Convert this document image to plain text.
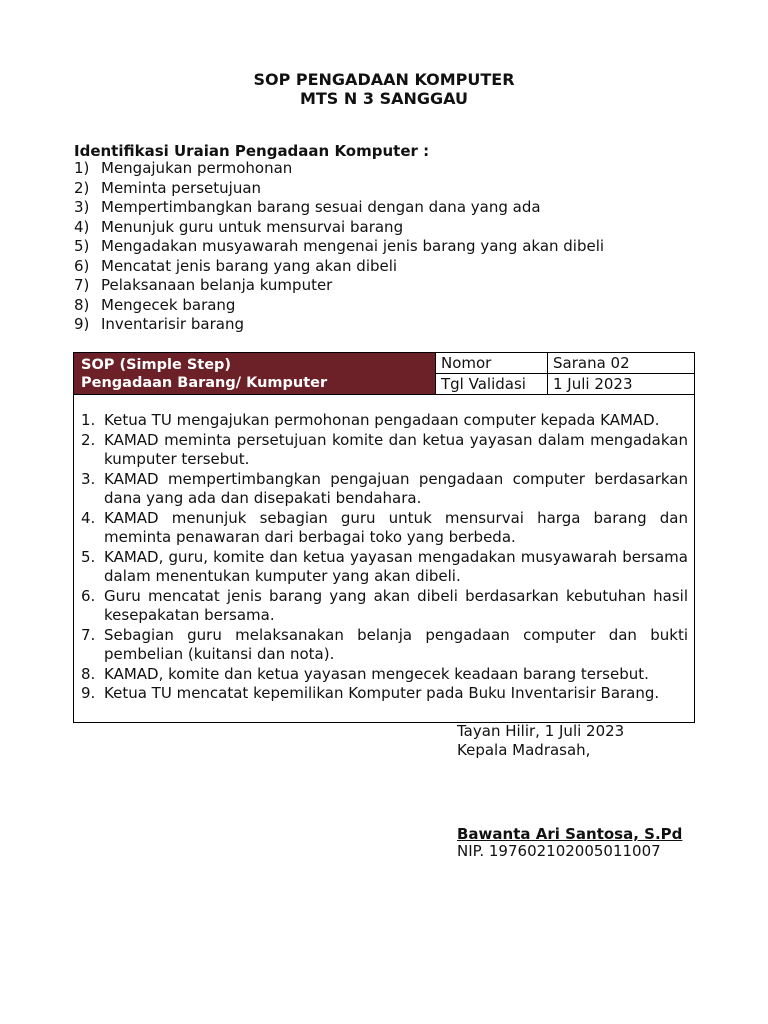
SOP PENGADAAN KOMPUTER
MTS N 3 SANGGAU
Identifikasi Uraian Pengadaan Komputer :
1) Mengajukan permohonan
2) Meminta persetujuan
3) Mempertimbangkan barang sesuai dengan dana yang ada
4) Menunjuk guru untuk mensurvai barang
5) Mengadakan musyawarah mengenai jenis barang yang akan dibeli
6) Mencatat jenis barang yang akan dibeli
7) Pelaksanaan belanja kumputer
8) Mengecek barang
9) Inventarisir barang
SOP (Simple Step)
Pengadaan Barang/ Kumputer
Nomor	Sarana 02
Tgl Validasi	1 Juli 2023
1. Ketua TU mengajukan permohonan pengadaan computer kepada KAMAD.
2. KAMAD meminta persetujuan komite dan ketua yayasan dalam mengadakan kumputer tersebut.
3. KAMAD mempertimbangkan pengajuan pengadaan computer berdasarkan dana yang ada dan disepakati bendahara.
4. KAMAD menunjuk sebagian guru untuk mensurvai harga barang dan meminta penawaran dari berbagai toko yang berbeda.
5. KAMAD, guru, komite dan ketua yayasan mengadakan musyawarah bersama dalam menentukan kumputer yang akan dibeli.
6. Guru mencatat jenis barang yang akan dibeli berdasarkan kebutuhan hasil kesepakatan bersama.
7. Sebagian guru melaksanakan belanja pengadaan computer dan bukti pembelian (kuitansi dan nota).
8. KAMAD, komite dan ketua yayasan mengecek keadaan barang tersebut.
9. Ketua TU mencatat kepemilikan Komputer pada Buku Inventarisir Barang.
Tayan Hilir, 1 Juli 2023
Kepala Madrasah,
Bawanta Ari Santosa, S.Pd
NIP. 197602102005011007
